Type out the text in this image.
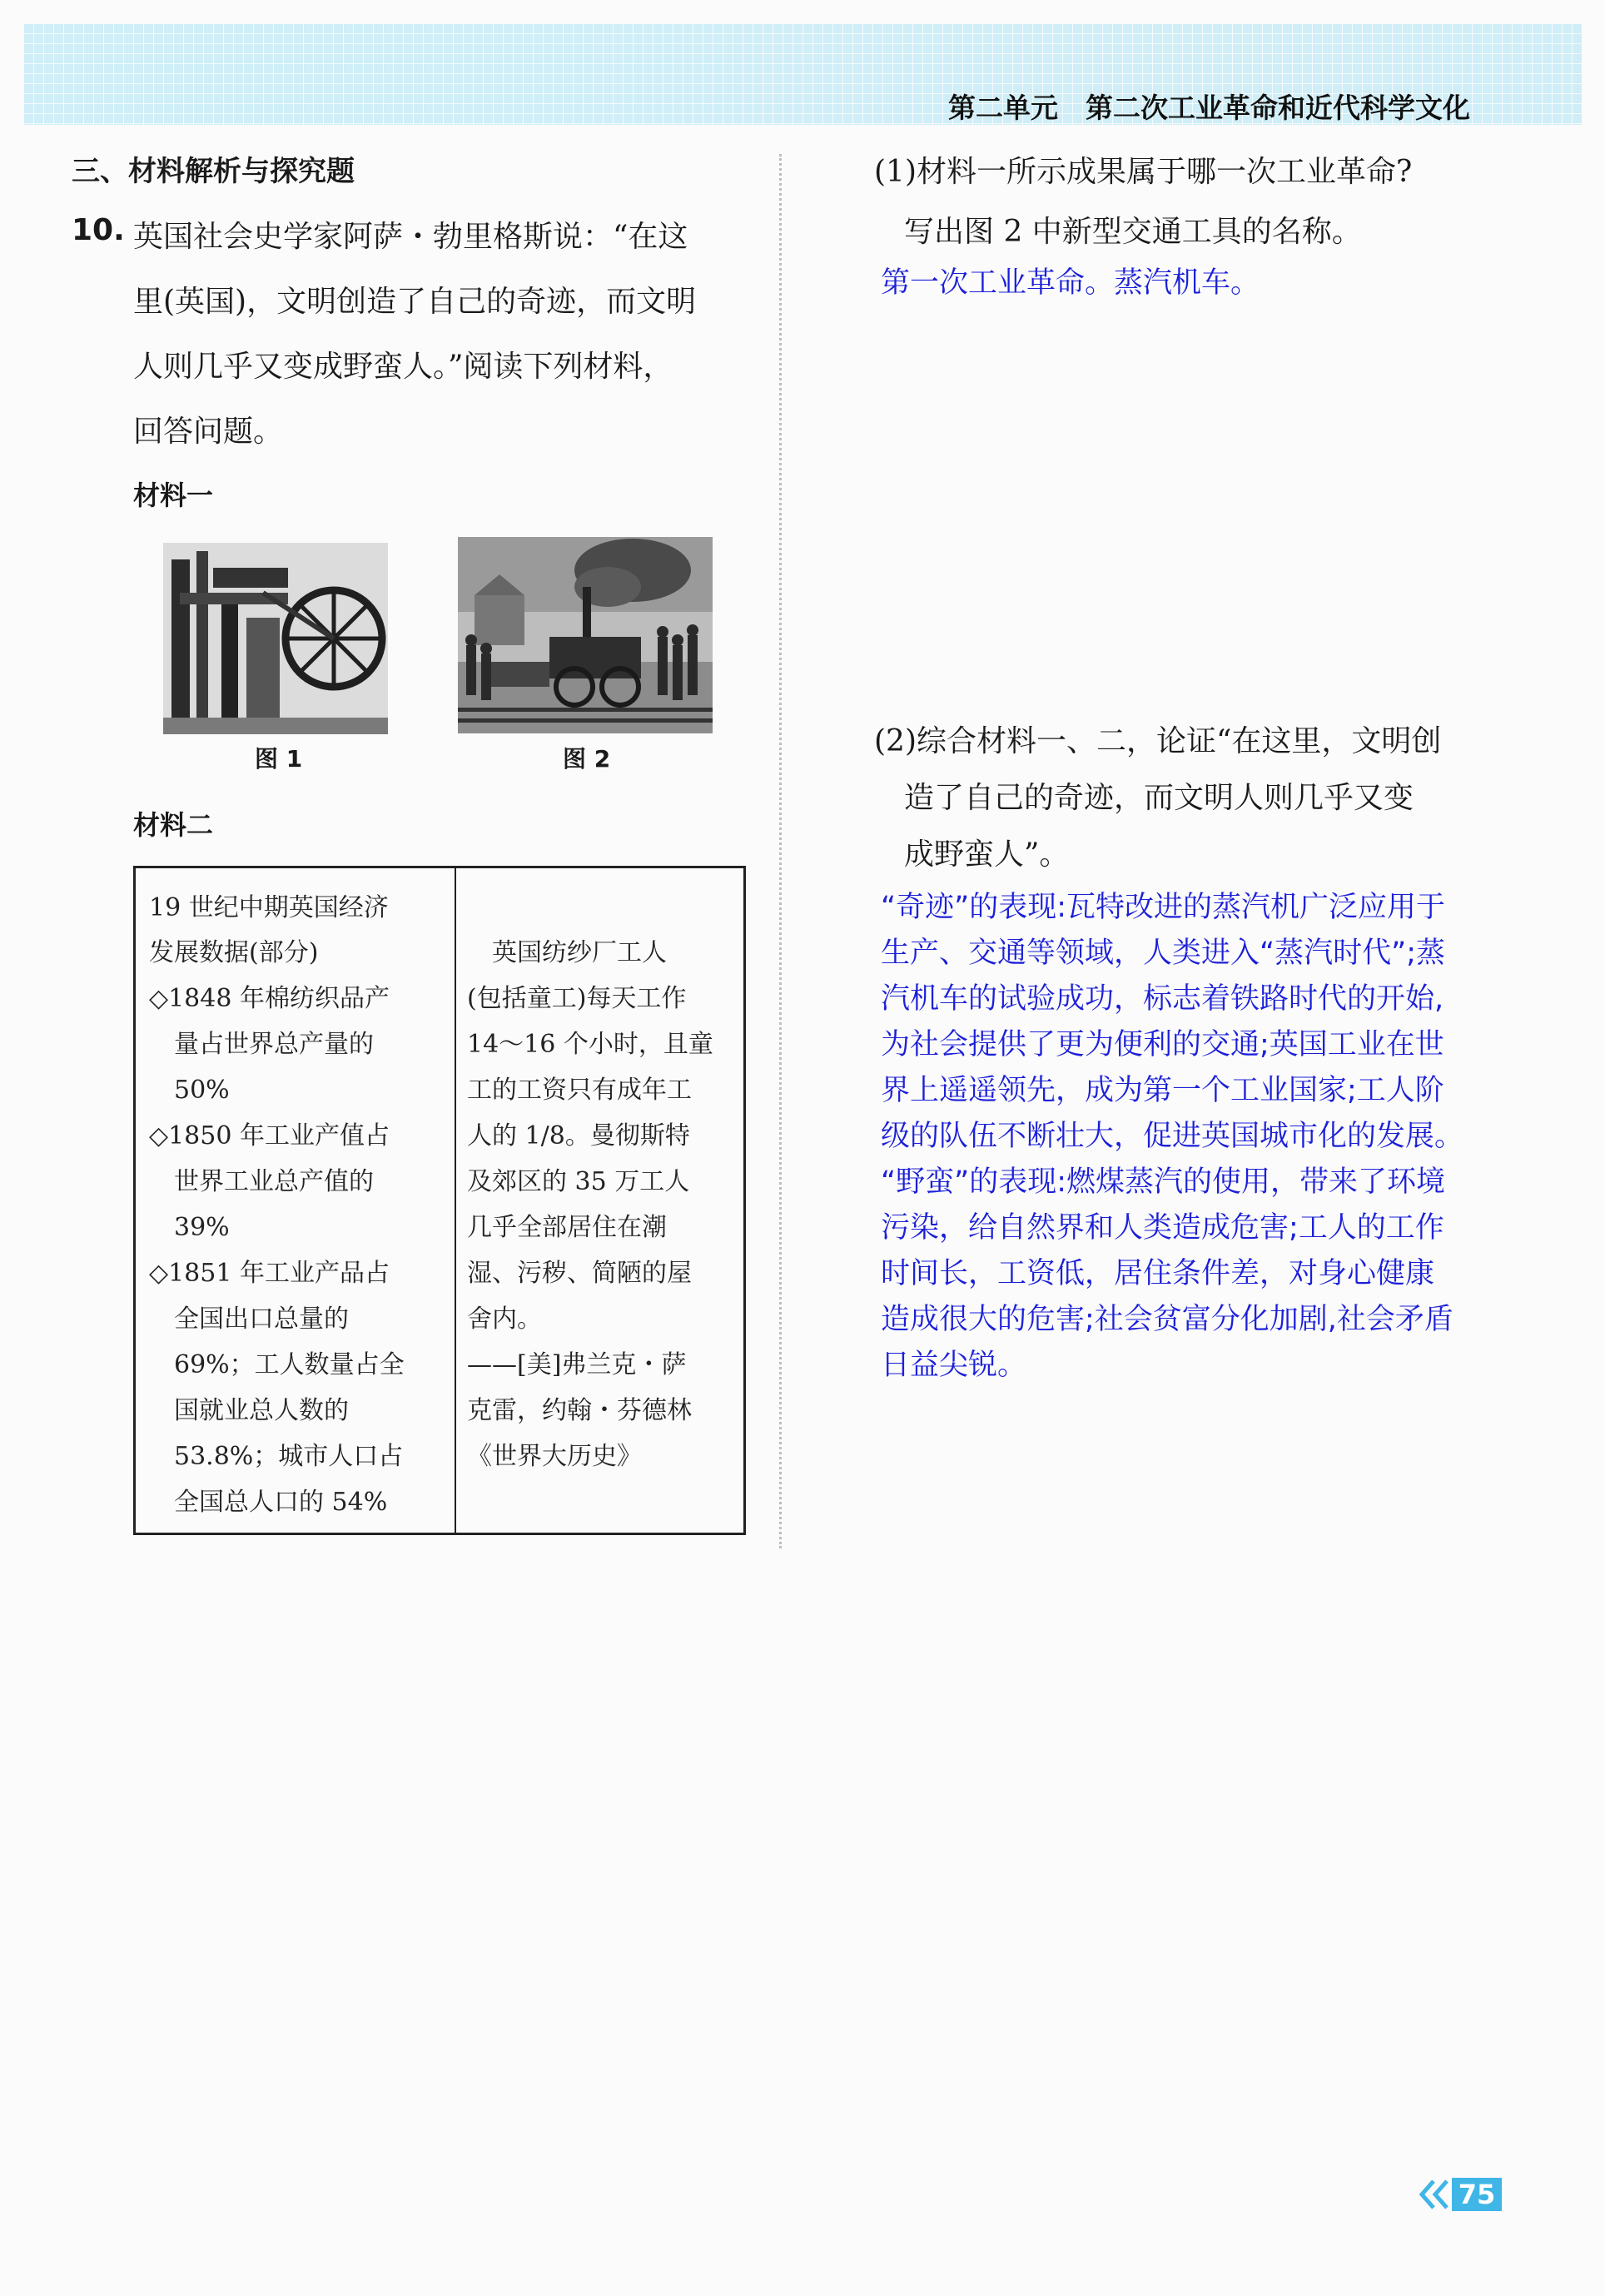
第二单元　第二次工业革命和近代科学文化
三、材料解析与探究题
10. 英国社会史学家阿萨・勃里格斯说：“在这
里(英国)，文明创造了自己的奇迹，而文明
人则几乎又变成野蛮人。”阅读下列材料，
回答问题。
材料一
图 1	图 2
材料二
19 世纪中期英国经济
发展数据(部分)
◇1848 年棉纺织品产
　量占世界总产量的
　50%
◇1850 年工业产值占
　世界工业总产值的
　39%
◇1851 年工业产品占
　全国出口总量的
　69%；工人数量占全
　国就业总人数的
　53.8%；城市人口占
　全国总人口的 54%
　英国纺纱厂工人
(包括童工)每天工作
14～16 个小时，且童
工的工资只有成年工
人的 1/8。曼彻斯特
及郊区的 35 万工人
几乎全部居住在潮
湿、污秽、简陋的屋
舍内。
——[美]弗兰克・萨
克雷，约翰・芬德林
《世界大历史》
(1)材料一所示成果属于哪一次工业革命?
　写出图 2 中新型交通工具的名称。
第一次工业革命。蒸汽机车。
(2)综合材料一、二，论证“在这里，文明创
　造了自己的奇迹，而文明人则几乎又变
　成野蛮人”。
“奇迹”的表现:瓦特改进的蒸汽机广泛应用于
生产、交通等领域，人类进入“蒸汽时代”;蒸
汽机车的试验成功，标志着铁路时代的开始,
为社会提供了更为便利的交通;英国工业在世
界上遥遥领先，成为第一个工业国家;工人阶
级的队伍不断壮大，促进英国城市化的发展。
“野蛮”的表现:燃煤蒸汽的使用，带来了环境
污染，给自然界和人类造成危害;工人的工作
时间长，工资低，居住条件差，对身心健康
造成很大的危害;社会贫富分化加剧,社会矛盾
日益尖锐。
75
